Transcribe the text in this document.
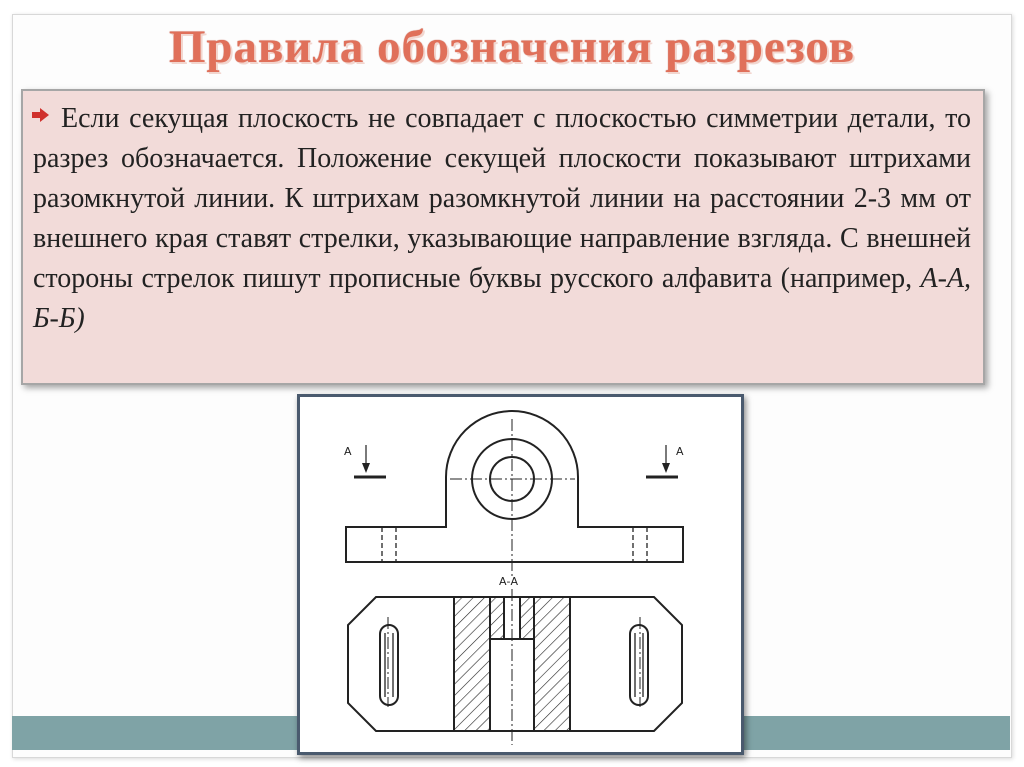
Правила обозначения разрезов

Если секущая плоскость не совпадает с плоскостью симметрии детали, то разрез обозначается. Положение секущей плоскости показывают штрихами разомкнутой линии. К штрихам разомкнутой линии на расстоянии 2-3 мм от внешнего края ставят стрелки, указывающие направление взгляда. С внешней стороны стрелок пишут прописные буквы русского алфавита (например, А-А, Б-Б)

А	А
А-А
